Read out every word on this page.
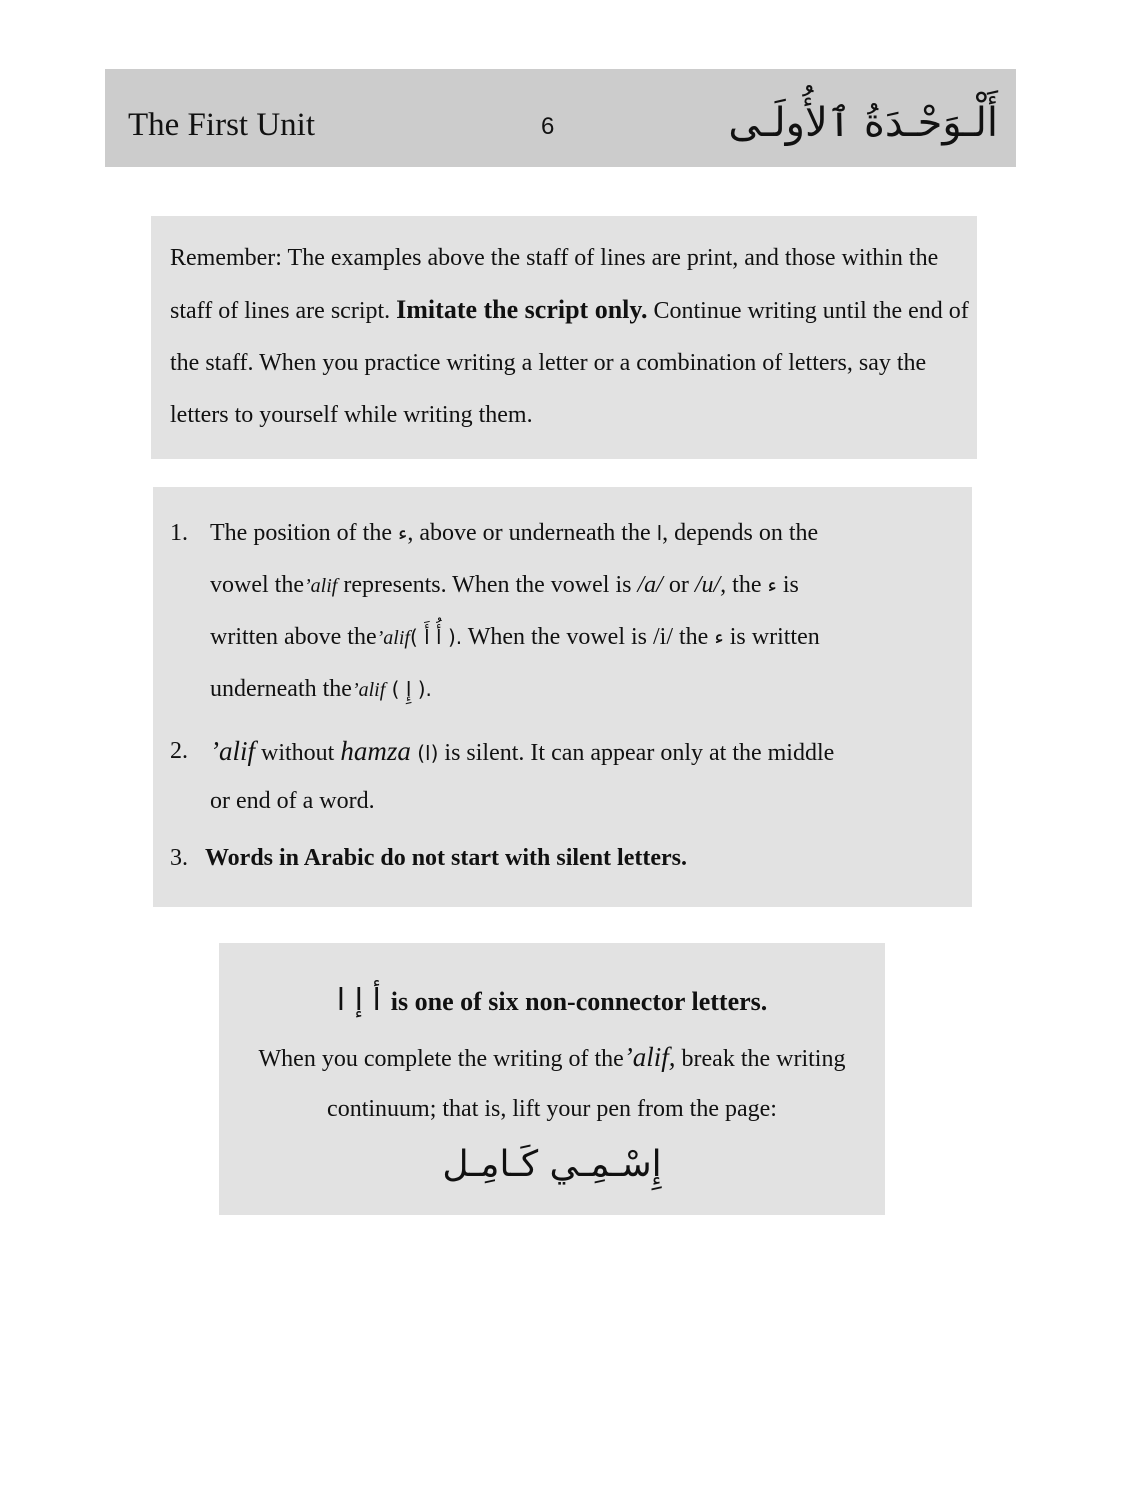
The First Unit	6	أَلْـوَحْـدَةُ ٱلأُولَـى

Remember: The examples above the staff of lines are print, and those within the staff of lines are script. Imitate the script only. Continue writing until the end of the staff. When you practice writing a letter or a combination of letters, say the letters to yourself while writing them.

1. The position of the ء, above or underneath the ا, depends on the
vowel the’alif represents. When the vowel is /a/ or /u/, the ء is
written above the’alif( أُ أَ ). When the vowel is /i/ the ء is written
underneath the’alif ( إِ ).
2. ’alif without hamza (ا) is silent. It can appear only at the middle
or end of a word.
3. Words in Arabic do not start with silent letters.
أ إ ا is one of six non-connector letters.
When you complete the writing of the’alif, break the writing
continuum; that is, lift your pen from the page:
إِسْـمِـي كَـامِـل
